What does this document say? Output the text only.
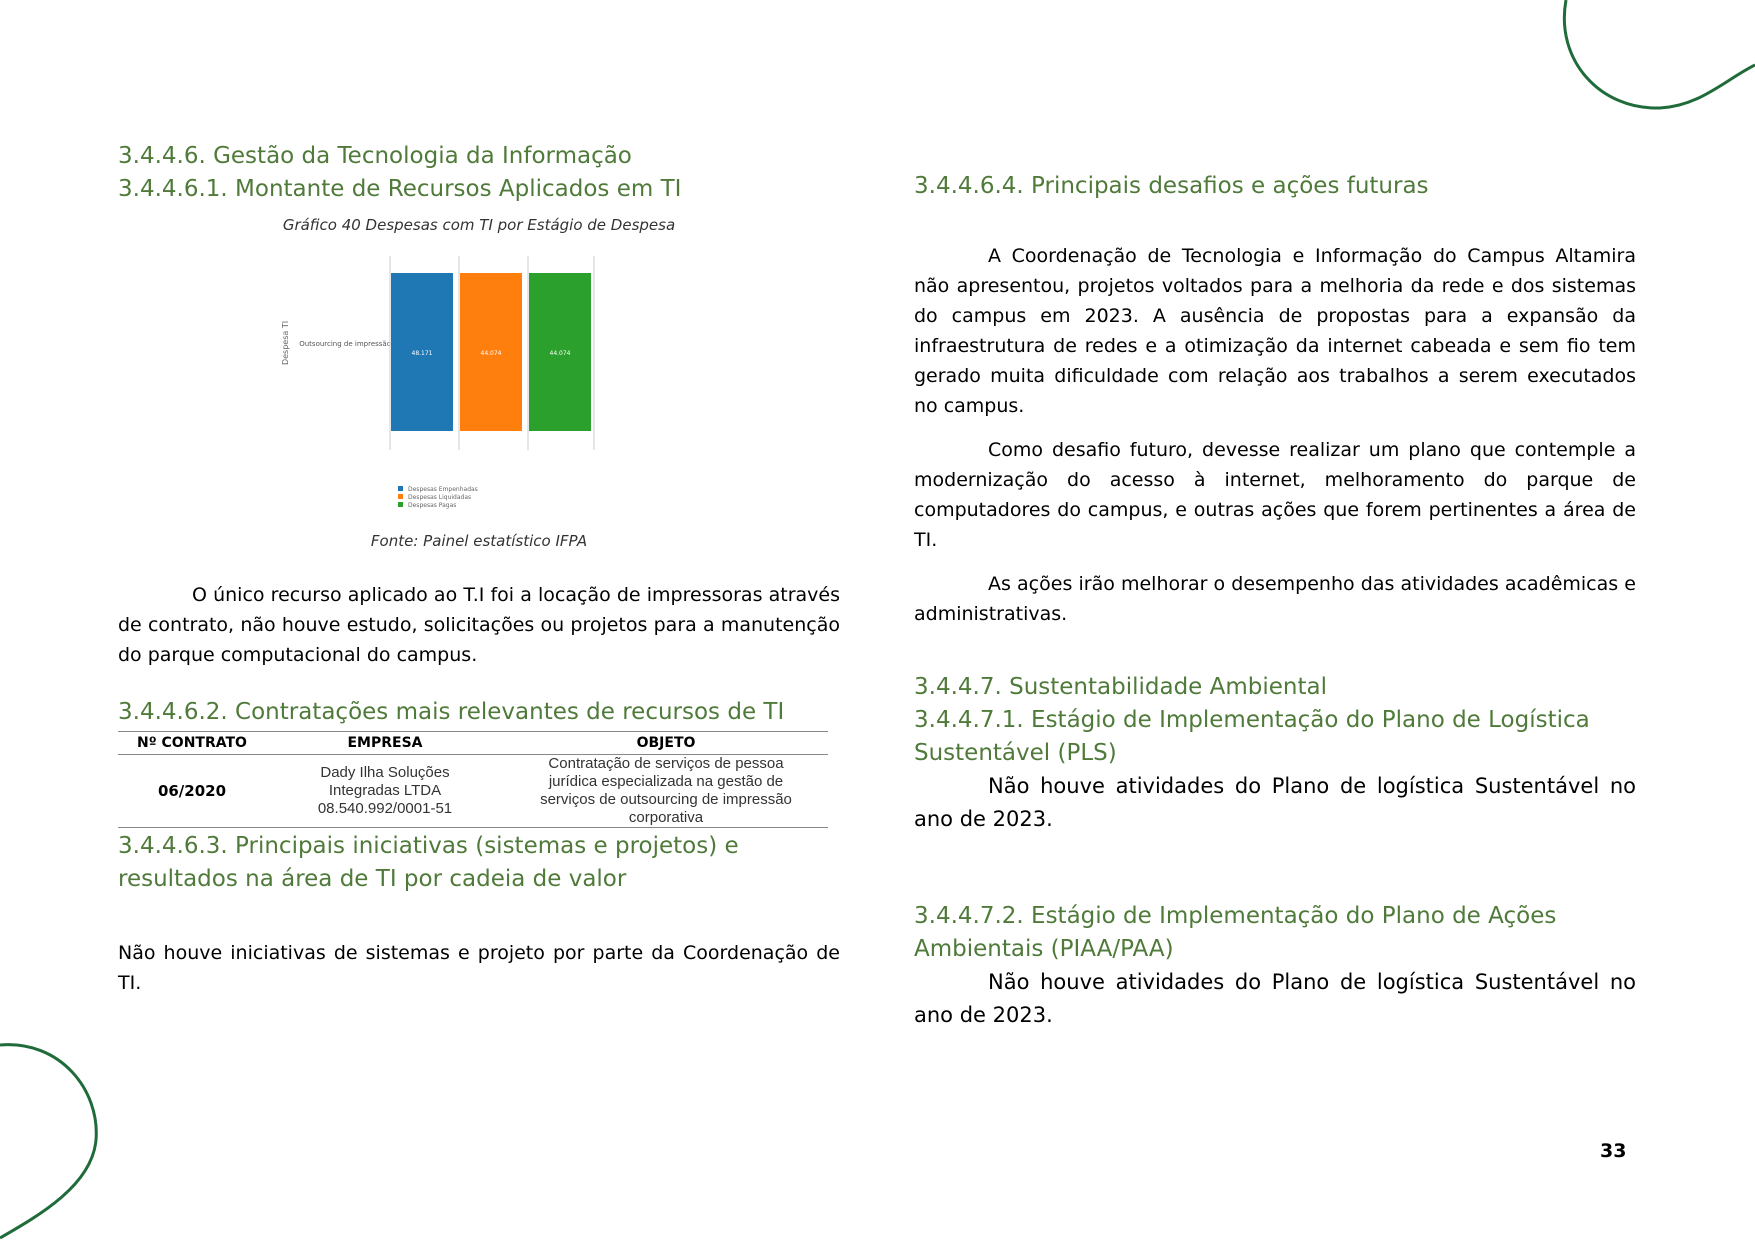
3.4.4.6. Gestão da Tecnologia da Informação
3.4.4.6.1. Montante de Recursos Aplicados em TI
Gráfico 40 Despesas com TI por Estágio de Despesa
Despesa TI Outsourcing de impressão
48.171
Despesas Empenhadas
44.074
Despesas Liquidadas
44.074
Despesas Pagas
Fonte: Painel estatístico IFPA

O único recurso aplicado ao T.I foi a locação de impressoras através de contrato, não houve estudo, solicitações ou projetos para a manutenção do parque computacional do campus.

3.4.4.6.2. Contratações mais relevantes de recursos de TI
Nº CONTRATO	EMPRESA	OBJETO
06/2020	Dady Ilha Soluções Integradas LTDA 08.540.992/0001-51	Contratação de serviços de pessoa jurídica especializada na gestão de serviços de outsourcing de impressão corporativa
3.4.4.6.3. Principais iniciativas (sistemas e projetos) e resultados na área de TI por cadeia de valor

Não houve iniciativas de sistemas e projeto por parte da Coordenação de TI.

3.4.4.6.4. Principais desafios e ações futuras

A Coordenação de Tecnologia e Informação do Campus Altamira não apresentou, projetos voltados para a melhoria da rede e dos sistemas do campus em 2023. A ausência de propostas para a expansão da infraestrutura de redes e a otimização da internet cabeada e sem fio tem gerado muita dificuldade com relação aos trabalhos a serem executados no campus.

Como desafio futuro, devesse realizar um plano que contemple a modernização do acesso à internet, melhoramento do parque de computadores do campus, e outras ações que forem pertinentes a área de TI.

As ações irão melhorar o desempenho das atividades acadêmicas e administrativas.

3.4.4.7. Sustentabilidade Ambiental
3.4.4.7.1. Estágio de Implementação do Plano de Logística Sustentável (PLS)

Não houve atividades do Plano de logística Sustentável no ano de 2023.

3.4.4.7.2. Estágio de Implementação do Plano de Ações Ambientais (PIAA/PAA)

Não houve atividades do Plano de logística Sustentável no ano de 2023.

33
